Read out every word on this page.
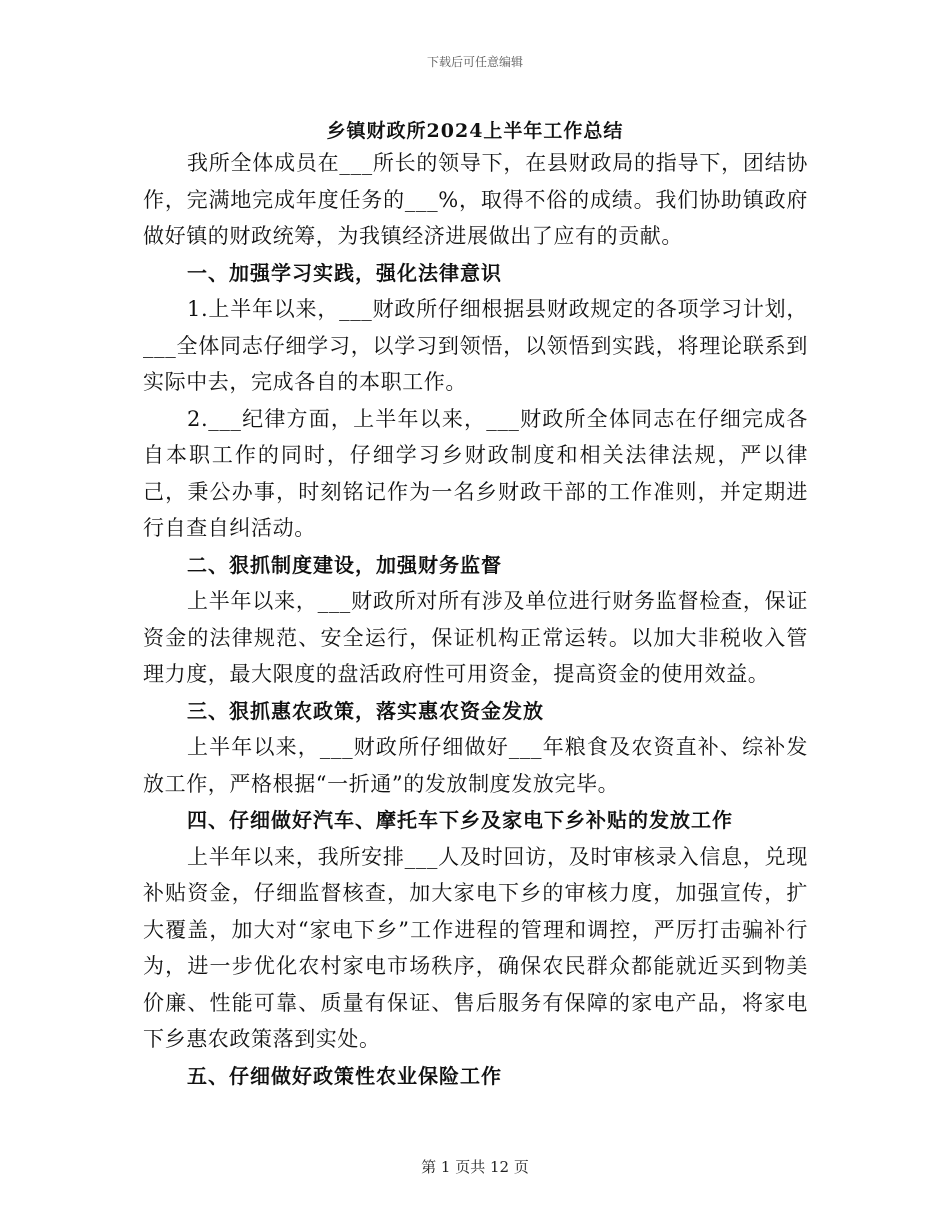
下载后可任意编辑
乡镇财政所2024上半年工作总结

我所全体成员在___所长的领导下，在县财政局的指导下，团结协作，完满地完成年度任务的___%，取得不俗的成绩。我们协助镇政府做好镇的财政统筹，为我镇经济进展做出了应有的贡献。

一、加强学习实践，强化法律意识

1.上半年以来，___财政所仔细根据县财政规定的各项学习计划，___全体同志仔细学习，以学习到领悟，以领悟到实践，将理论联系到实际中去，完成各自的本职工作。

2.___纪律方面，上半年以来，___财政所全体同志在仔细完成各自本职工作的同时，仔细学习乡财政制度和相关法律法规，严以律己，秉公办事，时刻铭记作为一名乡财政干部的工作准则，并定期进行自查自纠活动。

二、狠抓制度建设，加强财务监督

上半年以来，___财政所对所有涉及单位进行财务监督检查，保证资金的法律规范、安全运行，保证机构正常运转。以加大非税收入管理力度，最大限度的盘活政府性可用资金，提高资金的使用效益。

三、狠抓惠农政策，落实惠农资金发放

上半年以来，___财政所仔细做好___年粮食及农资直补、综补发放工作，严格根据“一折通”的发放制度发放完毕。

四、仔细做好汽车、摩托车下乡及家电下乡补贴的发放工作

上半年以来，我所安排___人及时回访，及时审核录入信息，兑现补贴资金，仔细监督核查，加大家电下乡的审核力度，加强宣传，扩大覆盖，加大对“家电下乡”工作进程的管理和调控，严厉打击骗补行为，进一步优化农村家电市场秩序，确保农民群众都能就近买到物美价廉、性能可靠、质量有保证、售后服务有保障的家电产品，将家电下乡惠农政策落到实处。

五、仔细做好政策性农业保险工作

第 1 页共 12 页
